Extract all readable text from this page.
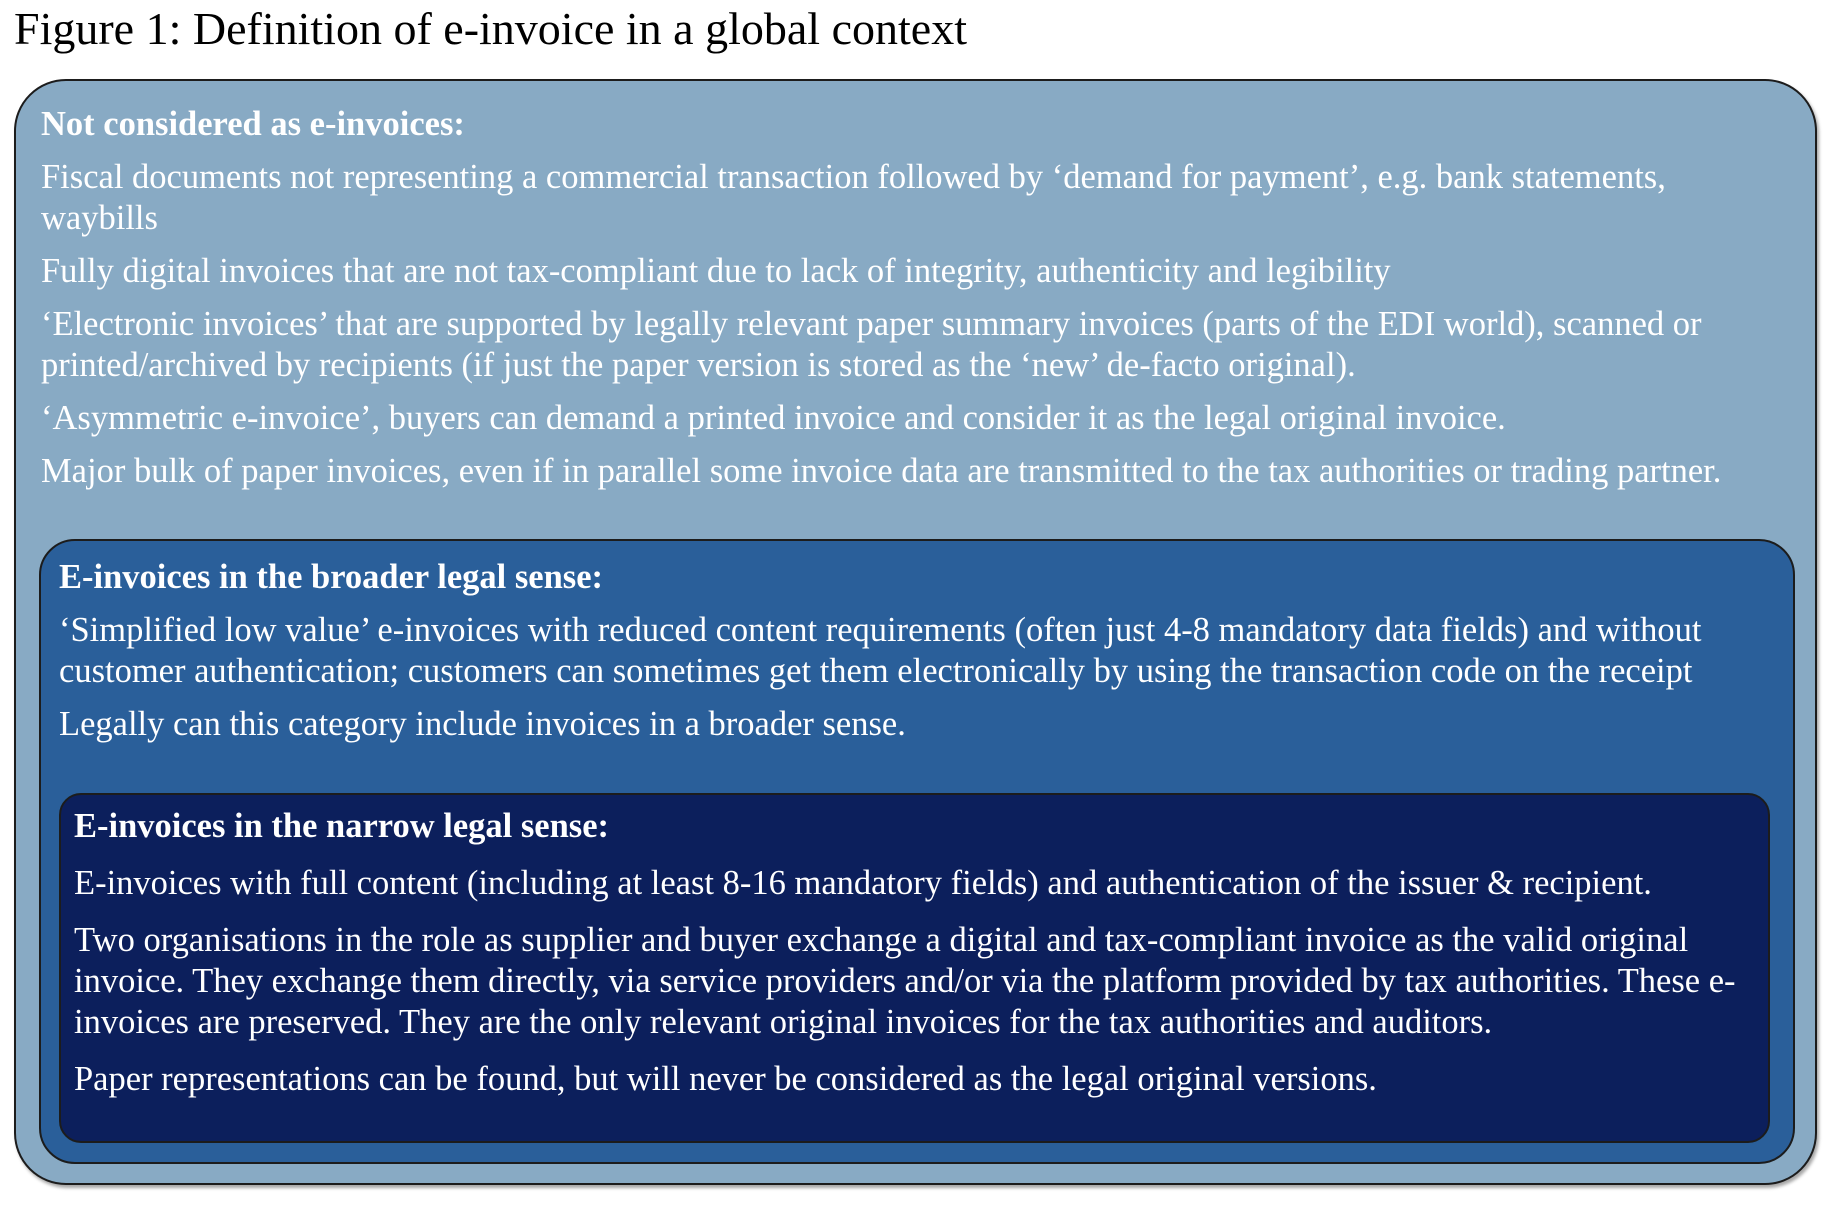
Figure 1: Definition of e-invoice in a global context
Not considered as e-invoices:

Fiscal documents not representing a commercial transaction followed by ‘demand for payment’, e.g. bank statements, waybills

Fully digital invoices that are not tax-compliant due to lack of integrity, authenticity and legibility

‘Electronic invoices’ that are supported by legally relevant paper summary invoices (parts of the EDI world), scanned or printed/archived by recipients (if just the paper version is stored as the ‘new’ de-facto original).

‘Asymmetric e-invoice’, buyers can demand a printed invoice and consider it as the legal original invoice.

Major bulk of paper invoices, even if in parallel some invoice data are transmitted to the tax authorities or trading partner.

E-invoices in the broader legal sense:

‘Simplified low value’ e-invoices with reduced content requirements (often just 4-8 mandatory data fields) and without customer authentication; customers can sometimes get them electronically by using the transaction code on the receipt

Legally can this category include invoices in a broader sense.

E-invoices in the narrow legal sense:

E-invoices with full content (including at least 8-16 mandatory fields) and authentication of the issuer & recipient.

Two organisations in the role as supplier and buyer exchange a digital and tax-compliant invoice as the valid original invoice. They exchange them directly, via service providers and/or via the platform provided by tax authorities. These e-invoices are preserved. They are the only relevant original invoices for the tax authorities and auditors.

Paper representations can be found, but will never be considered as the legal original versions.
